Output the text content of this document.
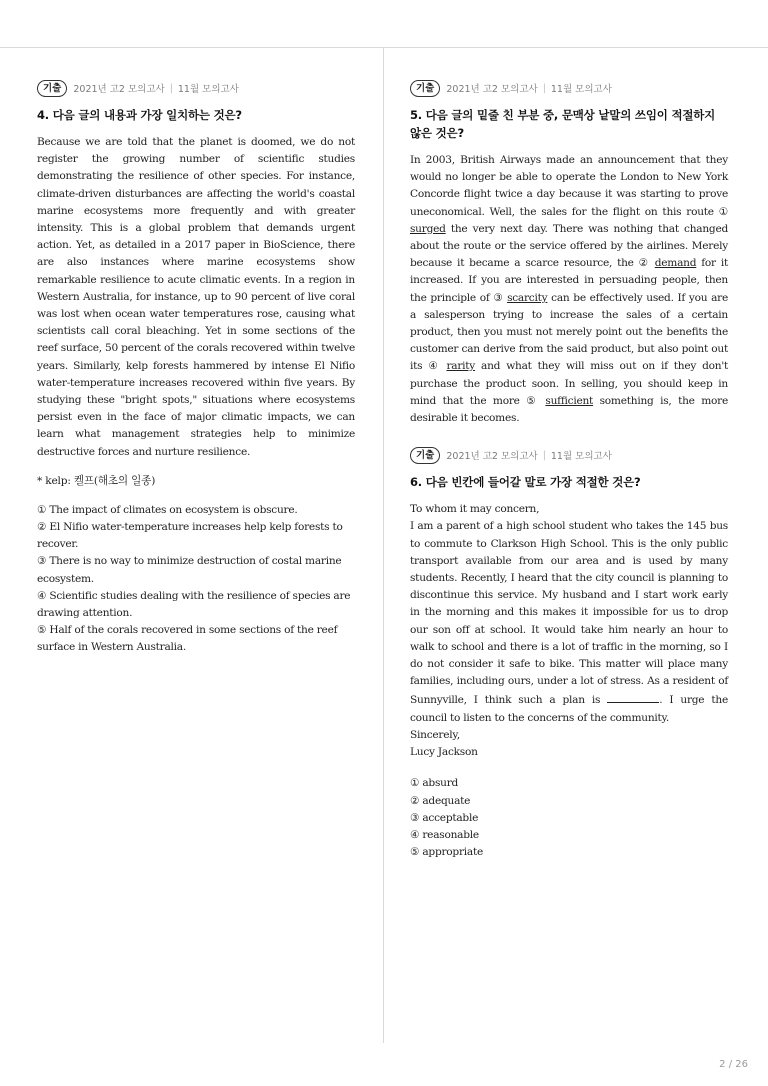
기출	2021년 고2 모의고사 | 11월 모의고사
4. 다음 글의 내용과 가장 일치하는 것은?

Because we are told that the planet is doomed, we do not register the growing number of scientific studies demonstrating the resilience of other species. For instance, climate-driven disturbances are affecting the world's coastal marine ecosystems more frequently and with greater intensity. This is a global problem that demands urgent action. Yet, as detailed in a 2017 paper in BioScience, there are also instances where marine ecosystems show remarkable resilience to acute climatic events. In a region in Western Australia, for instance, up to 90 percent of live coral was lost when ocean water temperatures rose, causing what scientists call coral bleaching. Yet in some sections of the reef surface, 50 percent of the corals recovered within twelve years. Similarly, kelp forests hammered by intense El Nifio water-temperature increases recovered within five years. By studying these "bright spots," situations where ecosystems persist even in the face of major climatic impacts, we can learn what management strategies help to minimize destructive forces and nurture resilience.

* kelp: 켈프(해초의 일종)
① The impact of climates on ecosystem is obscure.
② El Nifio water-temperature increases help kelp forests to recover.
③ There is no way to minimize destruction of costal marine ecosystem.
④ Scientific studies dealing with the resilience of species are drawing attention.
⑤ Half of the corals recovered in some sections of the reef surface in Western Australia.
기출	2021년 고2 모의고사 | 11월 모의고사
5. 다음 글의 밑줄 친 부분 중, 문맥상 낱말의 쓰임이 적절하지 않은 것은?

In 2003, British Airways made an announcement that they would no longer be able to operate the London to New York Concorde flight twice a day because it was starting to prove uneconomical. Well, the sales for the flight on this route ① surged the very next day. There was nothing that changed about the route or the service offered by the airlines. Merely because it became a scarce resource, the ② demand for it increased. If you are interested in persuading people, then the principle of ③ scarcity can be effectively used. If you are a salesperson trying to increase the sales of a certain product, then you must not merely point out the benefits the customer can derive from the said product, but also point out its ④ rarity and what they will miss out on if they don't purchase the product soon. In selling, you should keep in mind that the more ⑤ sufficient something is, the more desirable it becomes.

기출	2021년 고2 모의고사 | 11월 모의고사
6. 다음 빈칸에 들어갈 말로 가장 적절한 것은?
To whom it may concern,

I am a parent of a high school student who takes the 145 bus to commute to Clarkson High School. This is the only public transport available from our area and is used by many students. Recently, I heard that the city council is planning to discontinue this service. My husband and I start work early in the morning and this makes it impossible for us to drop our son off at school. It would take him nearly an hour to walk to school and there is a lot of traffic in the morning, so I do not consider it safe to bike. This matter will place many families, including ours, under a lot of stress. As a resident of Sunnyville, I think such a plan is	. I urge the council to listen to the concerns of the community.

Sincerely,
Lucy Jackson
① absurd
② adequate
③ acceptable
④ reasonable
⑤ appropriate
2 / 26
